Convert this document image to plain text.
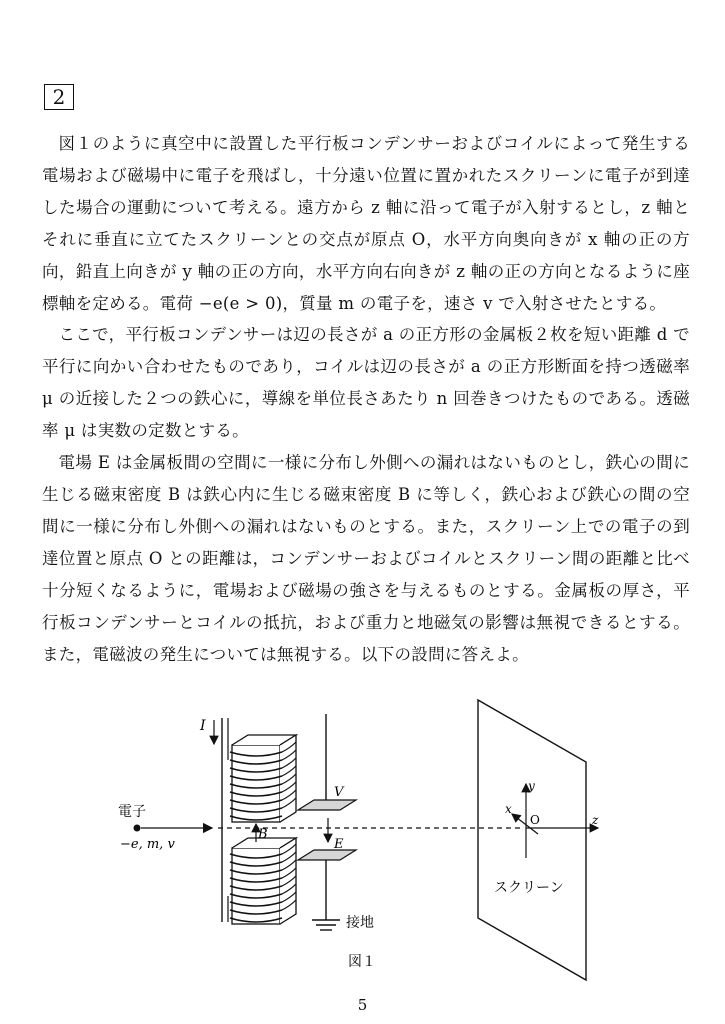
2

図１のように真空中に設置した平行板コンデンサーおよびコイルによって発生する電場および磁場中に電子を飛ばし，十分遠い位置に置かれたスクリーンに電子が到達した場合の運動について考える。遠方から z 軸に沿って電子が入射するとし，z 軸とそれに垂直に立てたスクリーンとの交点が原点 O，水平方向奥向きが x 軸の正の方向，鉛直上向きが y 軸の正の方向，水平方向右向きが z 軸の正の方向となるように座標軸を定める。電荷 −e(e > 0)，質量 m の電子を，速さ v で入射させたとする。

ここで，平行板コンデンサーは辺の長さが a の正方形の金属板２枚を短い距離 d で平行に向かい合わせたものであり，コイルは辺の長さが a の正方形断面を持つ透磁率 μ の近接した２つの鉄心に，導線を単位長さあたり n 回巻きつけたものである。透磁率 μ は実数の定数とする。

電場 E は金属板間の空間に一様に分布し外側への漏れはないものとし，鉄心の間に生じる磁束密度 B は鉄心内に生じる磁束密度 B に等しく，鉄心および鉄心の間の空間に一様に分布し外側への漏れはないものとする。また，スクリーン上での電子の到達位置と原点 O との距離は，コンデンサーおよびコイルとスクリーン間の距離と比べ十分短くなるように，電場および磁場の強さを与えるものとする。金属板の厚さ，平行板コンデンサーとコイルの抵抗，および重力と地磁気の影響は無視できるとする。また，電磁波の発生については無視する。以下の設問に答えよ。

I
B
電子
−e, m, v
V
E
接地
スクリーン
y
z
x
O
図１
5
